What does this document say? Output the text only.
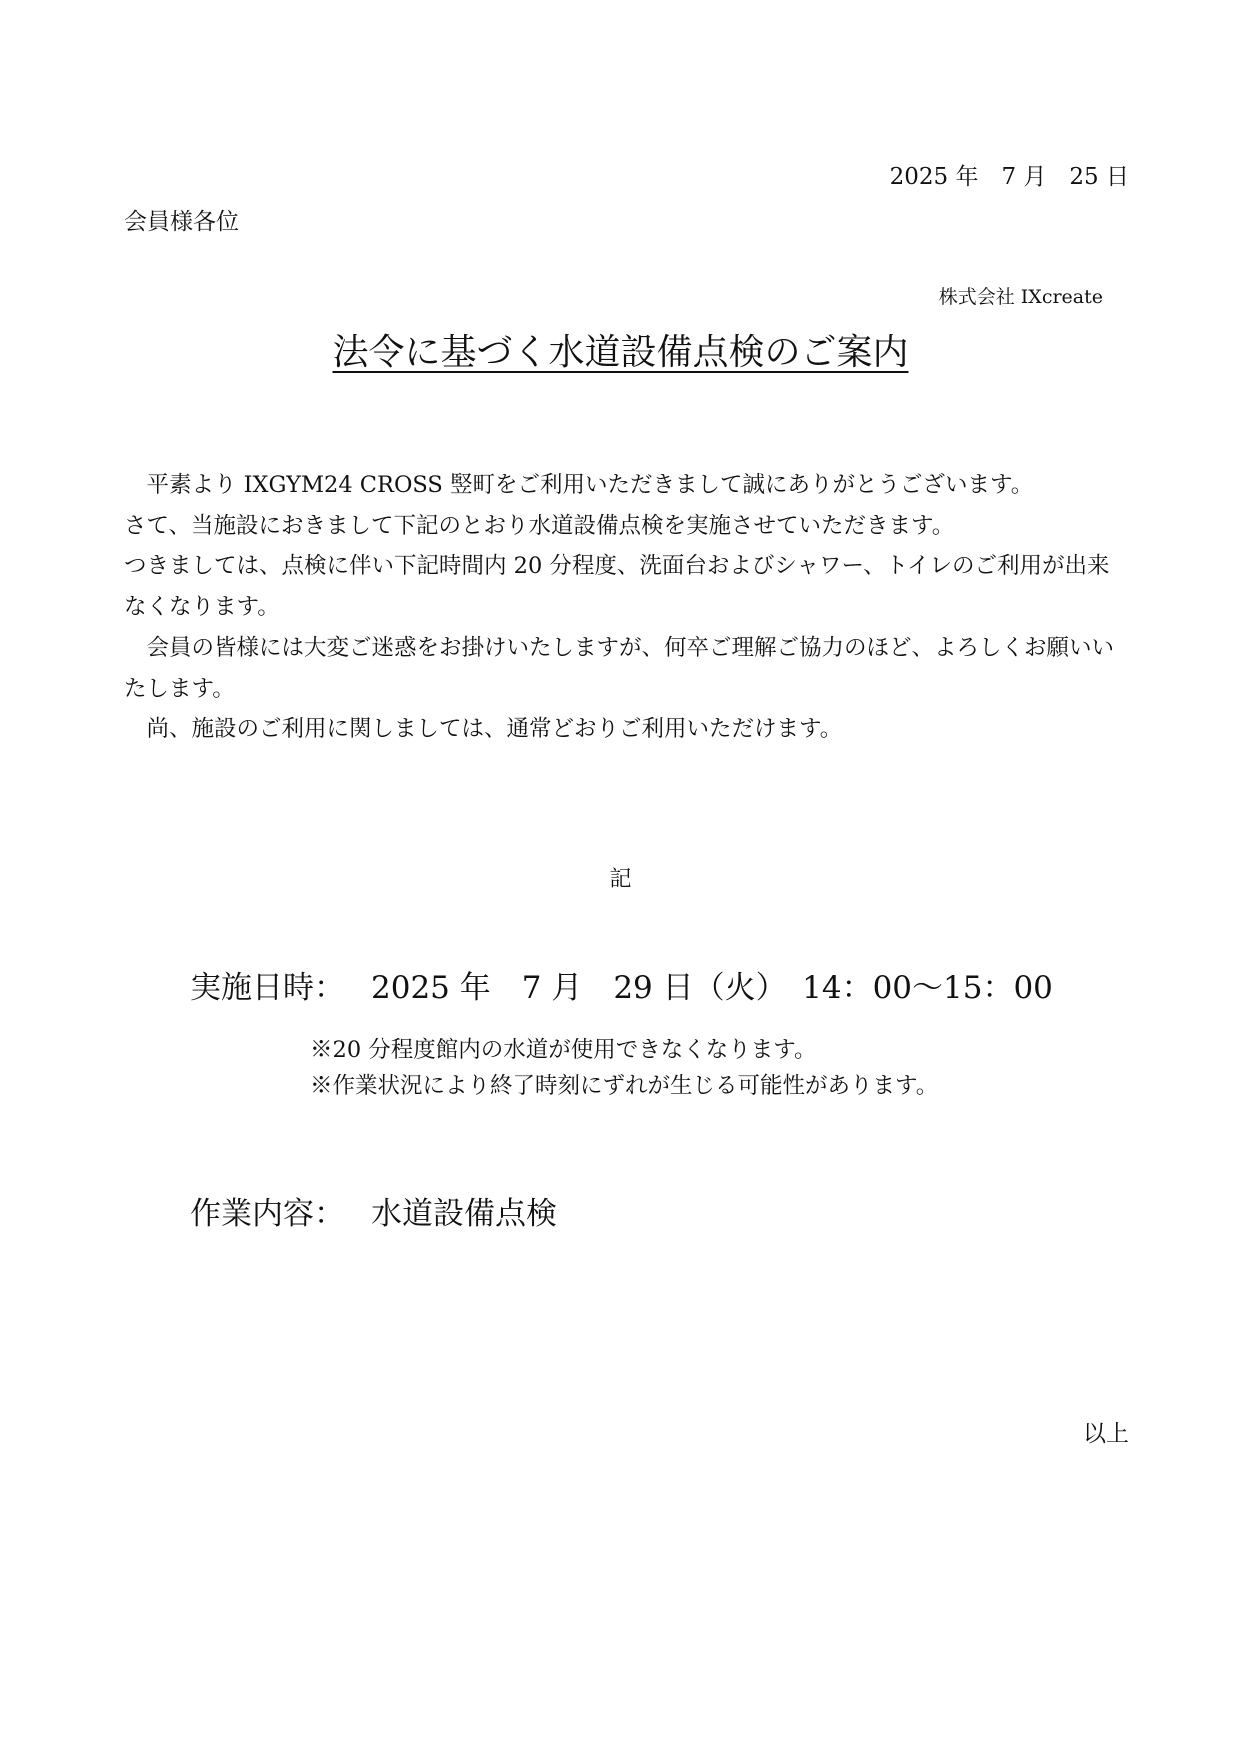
2025 年　7 月　25 日
会員様各位
株式会社 IXcreate
法令に基づく水道設備点検のご案内

　平素より IXGYM24 CROSS 竪町をご利用いただきまして誠にありがとうございます。

さて、当施設におきまして下記のとおり水道設備点検を実施させていただきます。

つきましては、点検に伴い下記時間内 20 分程度、洗面台およびシャワー、トイレのご利用が出来なくなります。

　会員の皆様には大変ご迷惑をお掛けいたしますが、何卒ご理解ご協力のほど、よろしくお願いいたします。

　尚、施設のご利用に関しましては、通常どおりご利用いただけます。

記
実施日時： 2025 年　7 月　29 日（火）　14：00～15：00
※20 分程度館内の水道が使用できなくなります。
※作業状況により終了時刻にずれが生じる可能性があります。
作業内容： 水道設備点検
以上
